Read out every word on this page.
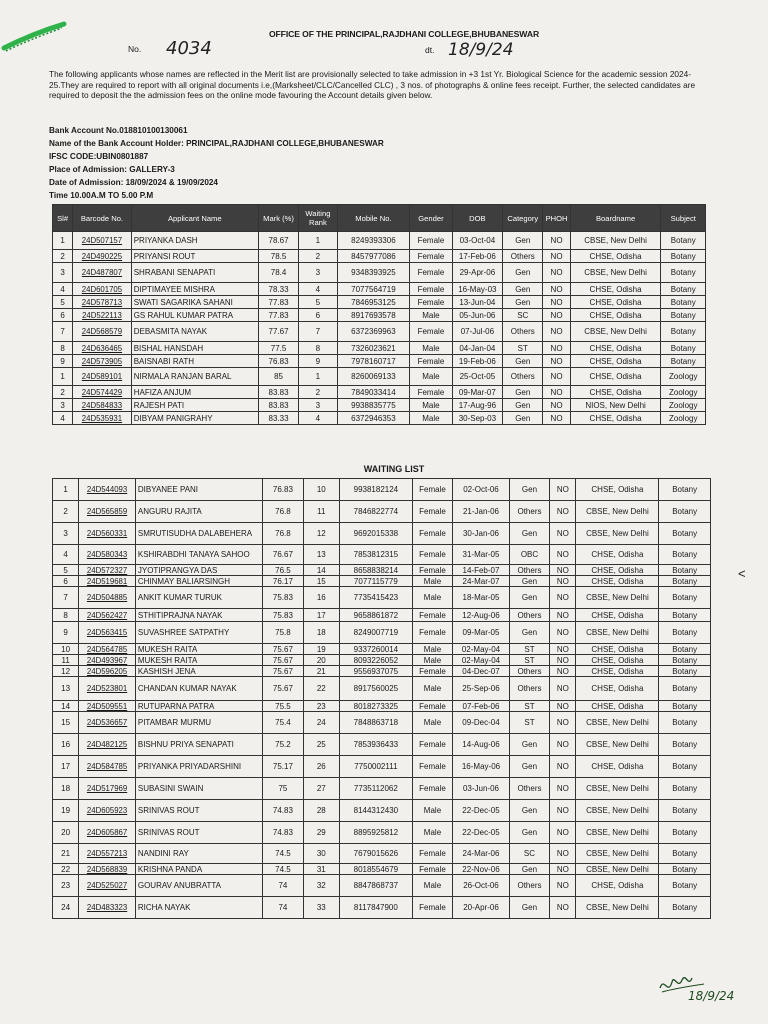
OFFICE OF THE PRINCIPAL,RAJDHANI COLLEGE,BHUBANESWAR
No. 4034	dt. 18/9/24
The following applicants whose names are reflected in the Merit list are provisionally selected to take admission in +3 1st Yr. Biological Science for the academic session 2024-25.They are required to report with all original documents i.e,(Marksheet/CLC/Cancelled CLC) , 3 nos. of photographs & online fees receipt. Further, the selected candidates are required to deposit the the admission fees on the online mode favouring the Account details given below.
Bank Account No.018810100130061
Name of the Bank Account Holder: PRINCIPAL,RAJDHANI COLLEGE,BHUBANESWAR
IFSC CODE:UBIN0801887
Place of Admission: GALLERY-3
Date of Admission: 18/09/2024 & 19/09/2024
Time 10.00A.M TO 5.00 P.M
Sl#	Barcode No.	Applicant Name	Mark (%)	Waiting Rank	Mobile No.	Gender	DOB	Category	PHOH	Boardname	Subject
1	24D507157	PRIYANKA DASH	78.67	1	8249393306	Female	03-Oct-04	Gen	NO	CBSE, New Delhi	Botany
2	24D490225	PRIYANSI ROUT	78.5	2	8457977086	Female	17-Feb-06	Others	NO	CHSE, Odisha	Botany
3	24D487807	SHRABANI SENAPATI	78.4	3	9348393925	Female	29-Apr-06	Gen	NO	CBSE, New Delhi	Botany
4	24D601705	DIPTIMAYEE MISHRA	78.33	4	7077564719	Female	16-May-03	Gen	NO	CHSE, Odisha	Botany
5	24D578713	SWATI SAGARIKA SAHANI	77.83	5	7846953125	Female	13-Jun-04	Gen	NO	CHSE, Odisha	Botany
6	24D522113	GS RAHUL KUMAR PATRA	77.83	6	8917693578	Male	05-Jun-06	SC	NO	CHSE, Odisha	Botany
7	24D568579	DEBASMITA NAYAK	77.67	7	6372369963	Female	07-Jul-06	Others	NO	CBSE, New Delhi	Botany
8	24D636465	BISHAL HANSDAH	77.5	8	7326023621	Male	04-Jan-04	ST	NO	CHSE, Odisha	Botany
9	24D573905	BAISNABI RATH	76.83	9	7978160717	Female	19-Feb-06	Gen	NO	CHSE, Odisha	Botany
1	24D589101	NIRMALA RANJAN BARAL	85	1	8260069133	Male	25-Oct-05	Others	NO	CHSE, Odisha	Zoology
2	24D574429	HAFIZA ANJUM	83.83	2	7849033414	Female	09-Mar-07	Gen	NO	CHSE, Odisha	Zoology
3	24D584833	RAJESH PATI	83.83	3	9938835775	Male	17-Aug-96	Gen	NO	NIOS, New Delhi	Zoology
4	24D535931	DIBYAM PANIGRAHY	83.33	4	6372946353	Male	30-Sep-03	Gen	NO	CHSE, Odisha	Zoology
WAITING LIST
1	24D544093	DIBYANEE PANI	76.83	10	9938182124	Female	02-Oct-06	Gen	NO	CHSE, Odisha	Botany
2	24D565859	ANGURU RAJITA	76.8	11	7846822774	Female	21-Jan-06	Others	NO	CBSE, New Delhi	Botany
3	24D560331	SMRUTISUDHA DALABEHERA	76.8	12	9692015338	Female	30-Jan-06	Gen	NO	CBSE, New Delhi	Botany
4	24D580343	KSHIRABDHI TANAYA SAHOO	76.67	13	7853812315	Female	31-Mar-05	OBC	NO	CHSE, Odisha	Botany
5	24D572327	JYOTIPRANGYA DAS	76.5	14	8658838214	Female	14-Feb-07	Others	NO	CHSE, Odisha	Botany
6	24D519681	CHINMAY BALIARSINGH	76.17	15	7077115779	Male	24-Mar-07	Gen	NO	CHSE, Odisha	Botany
7	24D504885	ANKIT KUMAR TURUK	75.83	16	7735415423	Male	18-Mar-05	Gen	NO	CBSE, New Delhi	Botany
8	24D562427	STHITIPRAJNA NAYAK	75.83	17	9658861872	Female	12-Aug-06	Others	NO	CHSE, Odisha	Botany
9	24D563415	SUVASHREE SATPATHY	75.8	18	8249007719	Female	09-Mar-05	Gen	NO	CBSE, New Delhi	Botany
10	24D564785	MUKESH RAITA	75.67	19	9337260014	Male	02-May-04	ST	NO	CHSE, Odisha	Botany
11	24D493967	MUKESH RAITA	75.67	20	8093226052	Male	02-May-04	ST	NO	CHSE, Odisha	Botany
12	24D596205	KASHISH JENA	75.67	21	9556937075	Female	04-Dec-07	Others	NO	CHSE, Odisha	Botany
13	24D523801	CHANDAN KUMAR NAYAK	75.67	22	8917560025	Male	25-Sep-06	Others	NO	CHSE, Odisha	Botany
14	24D509551	RUTUPARNA PATRA	75.5	23	8018273325	Female	07-Feb-06	ST	NO	CHSE, Odisha	Botany
15	24D536657	PITAMBAR MURMU	75.4	24	7848863718	Male	09-Dec-04	ST	NO	CBSE, New Delhi	Botany
16	24D482125	BISHNU PRIYA SENAPATI	75.2	25	7853936433	Female	14-Aug-06	Gen	NO	CBSE, New Delhi	Botany
17	24D584785	PRIYANKA PRIYADARSHINI	75.17	26	7750002111	Female	16-May-06	Gen	NO	CHSE, Odisha	Botany
18	24D517969	SUBASINI SWAIN	75	27	7735112062	Female	03-Jun-06	Others	NO	CBSE, New Delhi	Botany
19	24D605923	SRINIVAS ROUT	74.83	28	8144312430	Male	22-Dec-05	Gen	NO	CBSE, New Delhi	Botany
20	24D605867	SRINIVAS ROUT	74.83	29	8895925812	Male	22-Dec-05	Gen	NO	CBSE, New Delhi	Botany
21	24D557213	NANDINI RAY	74.5	30	7679015626	Female	24-Mar-06	SC	NO	CBSE, New Delhi	Botany
22	24D568839	KRISHNA PANDA	74.5	31	8018554679	Female	22-Nov-06	Gen	NO	CBSE, New Delhi	Botany
23	24D525027	GOURAV ANUBRATTA	74	32	8847868737	Male	26-Oct-06	Others	NO	CHSE, Odisha	Botany
24	24D483323	RICHA NAYAK	74	33	8117847900	Female	20-Apr-06	Gen	NO	CBSE, New Delhi	Botany
<
18/9/24
